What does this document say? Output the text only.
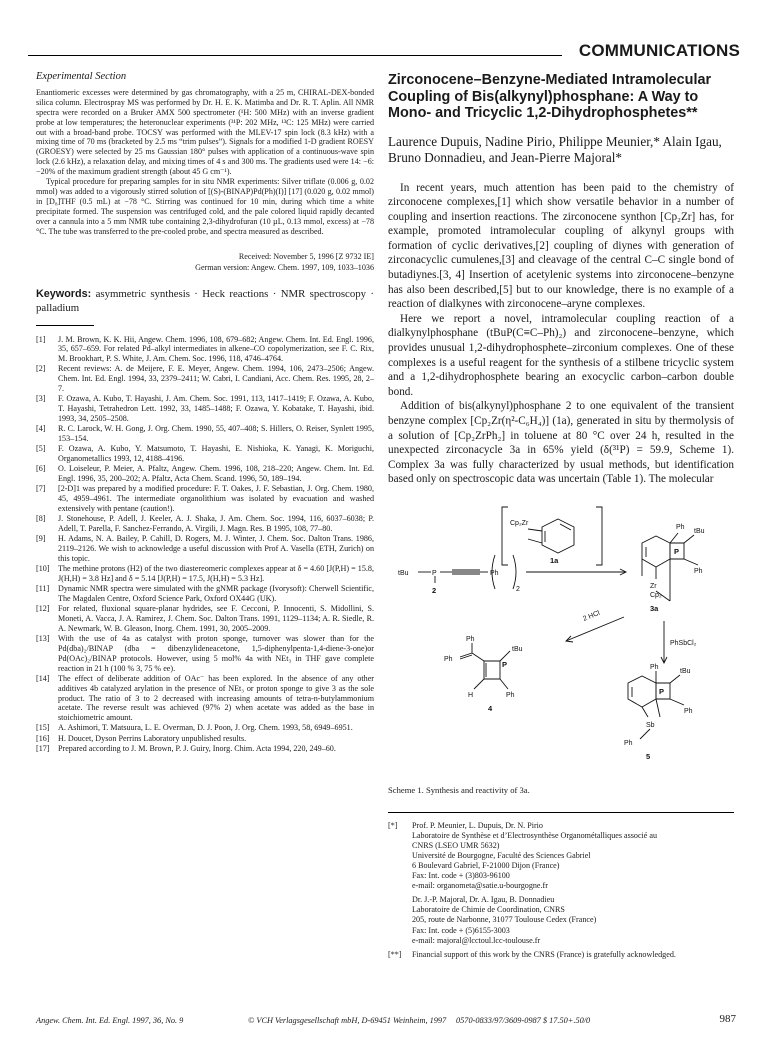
COMMUNICATIONS
Experimental Section

Enantiomeric excesses were determined by gas chromatography, with a 25 m, CHIRAL-DEX-bonded silica column. Electrospray MS was performed by Dr. H. E. K. Matimba and Dr. R. T. Aplin. All NMR spectra were recorded on a Bruker AMX 500 spectrometer (¹H: 500 MHz) with an inverse gradient probe at low temperatures; the heteronuclear experiments (³¹P: 202 MHz, ¹³C: 125 MHz) were carried out with a broad-band probe. TOCSY was performed with the MLEV-17 spin lock (8.3 kHz) with a mixing time of 70 ms (bracketed by 2.5 ms “trim pulses”). Signals for a modified 1-D gradient ROESY (GROESY) were selected by 25 ms Gaussian 180° pulses with application of a continuous-wave spin lock (2.6 kHz), a relaxation delay, and mixing times of 4 s and 300 ms. The gradients used were 14: −6: −20% of the maximum gradient strength (about 45 G cm⁻¹).

Typical procedure for preparing samples for in situ NMR experiments: Silver triflate (0.006 g, 0.02 mmol) was added to a vigorously stirred solution of [(S)-(BINAP)Pd(Ph)(I)] [17] (0.020 g, 0.02 mmol) in [D₈]THF (0.5 mL) at −78 °C. Stirring was continued for 10 min, during which time a white precipitate formed. The suspension was centrifuged cold, and the pale colored liquid rapidly decanted over a cannula into a 5 mm NMR tube containing 2,3-dihydrofuran (10 µL, 0.13 mmol, excess) at −78 °C. The tube was transferred to the pre-cooled probe, and spectra measured as described.

Received: November 5, 1996 [Z 9732 IE]
German version: Angew. Chem. 1997, 109, 1033–1036
Keywords: asymmetric synthesis · Heck reactions · NMR spectroscopy · palladium
[1] J. M. Brown, K. K. Hii, Angew. Chem. 1996, 108, 679–682; Angew. Chem. Int. Ed. Engl. 1996, 35, 657–659. For related Pd–alkyl intermediates in alkene–CO copolymerization, see F. C. Rix, M. Brookhart, P. S. White, J. Am. Chem. Soc. 1996, 118, 4746–4764.
[2] Recent reviews: A. de Meijere, F. E. Meyer, Angew. Chem. 1994, 106, 2473–2506; Angew. Chem. Int. Ed. Engl. 1994, 33, 2379–2411; W. Cabri, I. Candiani, Acc. Chem. Res. 1995, 28, 2–7.
[3] F. Ozawa, A. Kubo, T. Hayashi, J. Am. Chem. Soc. 1991, 113, 1417–1419; F. Ozawa, A. Kubo, T. Hayashi, Tetrahedron Lett. 1992, 33, 1485–1488; F. Ozawa, Y. Kobatake, T. Hayashi, ibid. 1993, 34, 2505–2508.
[4] R. C. Larock, W. H. Gong, J. Org. Chem. 1990, 55, 407–408; S. Hillers, O. Reiser, Synlett 1995, 153–154.
[5] F. Ozawa, A. Kubo, Y. Matsumoto, T. Hayashi, E. Nishioka, K. Yanagi, K. Moriguchi, Organometallics 1993, 12, 4188–4196.
[6] O. Loiseleur, P. Meier, A. Pfaltz, Angew. Chem. 1996, 108, 218–220; Angew. Chem. Int. Ed. Engl. 1996, 35, 200–202; A. Pfaltz, Acta Chem. Scand. 1996, 50, 189–194.
[7] [2-D]1 was prepared by a modified procedure: F. T. Oakes, J. F. Sebastian, J. Org. Chem. 1980, 45, 4959–4961. The intermediate organolithium was isolated by evacuation and washed extensively with pentane (caution!).
[8] J. Stonehouse, P. Adell, J. Keeler, A. J. Shaka, J. Am. Chem. Soc. 1994, 116, 6037–6038; P. Adell, T. Parella, F. Sanchez-Ferrando, A. Virgili, J. Magn. Res. B 1995, 108, 77–80.
[9] H. Adams, N. A. Bailey, P. Cahill, D. Rogers, M. J. Winter, J. Chem. Soc. Dalton Trans. 1986, 2119–2126. We wish to acknowledge a useful discussion with Prof A. Vasella (ETH, Zurich) on this topic.
[10] The methine protons (H2) of the two diastereomeric complexes appear at δ = 4.60 [J(P,H) = 15.8, J(H,H) = 3.8 Hz] and δ = 5.14 [J(P,H) = 17.5, J(H,H) = 5.3 Hz].
[11] Dynamic NMR spectra were simulated with the gNMR package (Ivorysoft): Cherwell Scientific, The Magdalen Centre, Oxford Science Park, Oxford OX44G (UK).
[12] For related, fluxional square-planar hydrides, see F. Cecconi, P. Innocenti, S. Midollini, S. Moneti, A. Vacca, J. A. Ramirez, J. Chem. Soc. Dalton Trans. 1991, 1129–1134; A. R. Siedle, R. A. Newmark, W. B. Gleason, Inorg. Chem. 1991, 30, 2005–2009.
[13] With the use of 4a as catalyst with proton sponge, turnover was slower than for the Pd(dba)₂/BINAP (dba = dibenzylideneacetone, 1,5-diphenylpenta-1,4-diene-3-one)or Pd(OAc)₂/BINAP protocols. However, using 5 mol% 4a with NEt₃ in THF gave complete reaction in 21 h (100 % 3, 75 % ee).
[14] The effect of deliberate addition of OAc⁻ has been explored. In the absence of any other additives 4b catalyzed arylation in the presence of NEt₃ or proton sponge to give 3 as the sole product. The ratio of 3 to 2 decreased with increasing amounts of tetra-n-butylammonium acetate. The reverse result was achieved (97% 2) when acetate was added as the base in stoichiometric amount.
[15] A. Ashimori, T. Matsuura, L. E. Overman, D. J. Poon, J. Org. Chem. 1993, 58, 6949–6951.
[16] H. Doucet, Dyson Perrins Laboratory unpublished results.
[17] Prepared according to J. M. Brown, P. J. Guiry, Inorg. Chim. Acta 1994, 220, 249–60.
Zirconocene–Benzyne-Mediated Intramolecular Coupling of Bis(alkynyl)phosphane: A Way to Mono- and Tricyclic 1,2-Dihydrophosphetes**
Laurence Dupuis, Nadine Pirio, Philippe Meunier,* Alain Igau, Bruno Donnadieu, and Jean-Pierre Majoral*

In recent years, much attention has been paid to the chemistry of zirconocene complexes,[1] which show versatile behavior in a number of coupling and insertion reactions. The zirconocene synthon [Cp₂Zr] has, for example, promoted intramolecular coupling of alkynyl groups with formation of cyclic derivatives,[2] coupling of diynes with generation of zirconacyclic cumulenes,[3] and cleavage of the central C–C single bond of butadiynes.[3, 4] Insertion of acetylenic systems into zirconocene–benzyne has also been described,[5] but to our knowledge, there is no example of a reaction of dialkynes with zirconocene–aryne complexes.

Here we report a novel, intramolecular coupling reaction of a dialkynylphosphane (tBuP(C≡C–Ph)₂) and zirconocene–benzyne, which provides unusual 1,2-dihydrophosphete–zirconium complexes. One of these complexes is a useful reagent for the synthesis of a stilbene tricyclic system and a 1,2-dihydrophosphete bearing an exocyclic carbon–carbon double bond.

Addition of bis(alkynyl)phosphane 2 to one equivalent of the transient benzyne complex [Cp₂Zr(η²-C₆H₄)] (1a), generated in situ by thermolysis of a solution of [Cp₂ZrPh₂] in toluene at 80 °C over 24 h, resulted in the unexpected zirconacycle 3a in 65% yield (δ(³¹P) = 59.9, Scheme 1). Complex 3a was fully characterized by usual methods, but identification based only on spectroscopic data was uncertain (Table 1). The molecular

Cp₂Zr
1a
tBu	P	Ph
2
2
Ph
tBu
P
Ph
Zr
Cp₂
3a
2 HCl
PhSbCl₂
Ph
Ph
P
tBu
H	Ph
4
Ph
tBu
P
Ph
Sb
Ph
5
Scheme 1. Synthesis and reactivity of 3a.
[*] Prof. P. Meunier, L. Dupuis, Dr. N. Pirio
Laboratoire de Synthèse et d’Electrosynthèse Organométalliques associé au
CNRS (LSEO UMR 5632)
Université de Bourgogne, Faculté des Sciences Gabriel
6 Boulevard Gabriel, F-21000 Dijon (France)
Fax: Int. code + (3)803-96100
e-mail: organometa@satie.u-bourgogne.fr
Dr. J.-P. Majoral, Dr. A. Igau, B. Donnadieu
Laboratoire de Chimie de Coordination, CNRS
205, route de Narbonne, 31077 Toulouse Cedex (France)
Fax: Int. code + (5)6155-3003
e-mail: majoral@lcctoul.lcc-toulouse.fr
[**] Financial support of this work by the CNRS (France) is gratefully acknowledged.
Angew. Chem. Int. Ed. Engl. 1997, 36, No. 9	© VCH Verlagsgesellschaft mbH, D-69451 Weinheim, 1997 0570-0833/97/3609-0987 $ 17.50+.50/0	987
